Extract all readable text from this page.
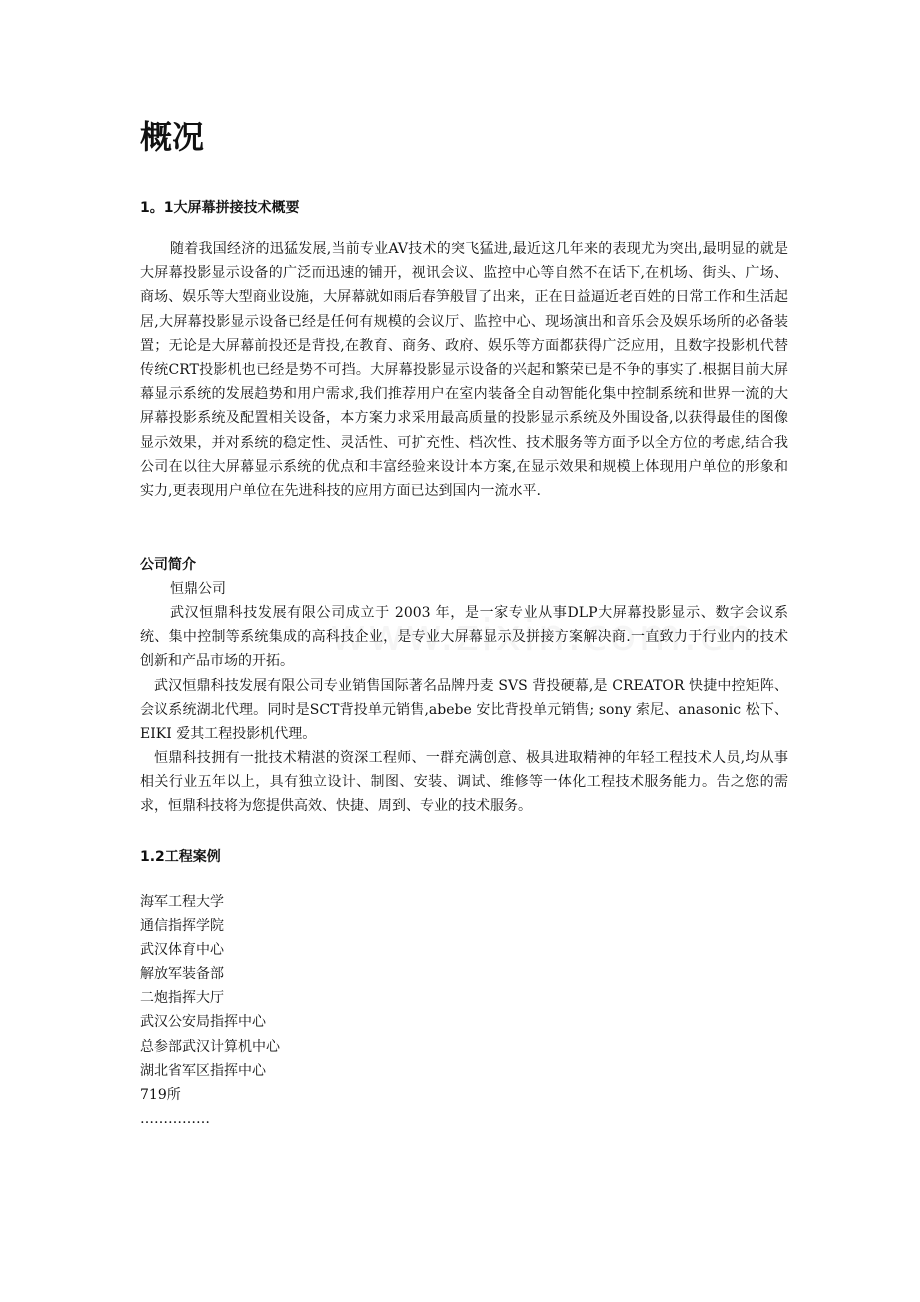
概况
1。1大屏幕拼接技术概要

随着我国经济的迅猛发展,当前专业AV技术的突飞猛进,最近这几年来的表现尤为突出,最明显的就是大屏幕投影显示设备的广泛而迅速的铺开，视讯会议、监控中心等自然不在话下,在机场、街头、广场、商场、娱乐等大型商业设施，大屏幕就如雨后春笋般冒了出来，正在日益逼近老百姓的日常工作和生活起居,大屏幕投影显示设备已经是任何有规模的会议厅、监控中心、现场演出和音乐会及娱乐场所的必备装置；无论是大屏幕前投还是背投,在教育、商务、政府、娱乐等方面都获得广泛应用，且数字投影机代替传统CRT投影机也已经是势不可挡。大屏幕投影显示设备的兴起和繁荣已是不争的事实了.根据目前大屏幕显示系统的发展趋势和用户需求,我们推荐用户在室内装备全自动智能化集中控制系统和世界一流的大屏幕投影系统及配置相关设备，本方案力求采用最高质量的投影显示系统及外围设备,以获得最佳的图像显示效果，并对系统的稳定性、灵活性、可扩充性、档次性、技术服务等方面予以全方位的考虑,结合我公司在以往大屏幕显示系统的优点和丰富经验来设计本方案,在显示效果和规模上体现用户单位的形象和实力,更表现用户单位在先进科技的应用方面已达到国内一流水平.

公司简介

恒鼎公司

武汉恒鼎科技发展有限公司成立于 2003 年，是一家专业从事DLP大屏幕投影显示、数字会议系统、集中控制等系统集成的高科技企业，是专业大屏幕显示及拼接方案解决商.一直致力于行业内的技术创新和产品市场的开拓。

武汉恒鼎科技发展有限公司专业销售国际著名品牌丹麦 SVS 背投硬幕,是 CREATOR 快捷中控矩阵、会议系统湖北代理。同时是SCT背投单元销售,abebe 安比背投单元销售; sony 索尼、anasonic 松下、EIKI 爱其工程投影机代理。

恒鼎科技拥有一批技术精湛的资深工程师、一群充满创意、极具进取精神的年轻工程技术人员,均从事相关行业五年以上，具有独立设计、制图、安装、调试、维修等一体化工程技术服务能力。告之您的需求，恒鼎科技将为您提供高效、快捷、周到、专业的技术服务。

1.2工程案例
海军工程大学
通信指挥学院
武汉体育中心
解放军装备部
二炮指挥大厅
武汉公安局指挥中心
总参部武汉计算机中心
湖北省军区指挥中心
719所
……………
